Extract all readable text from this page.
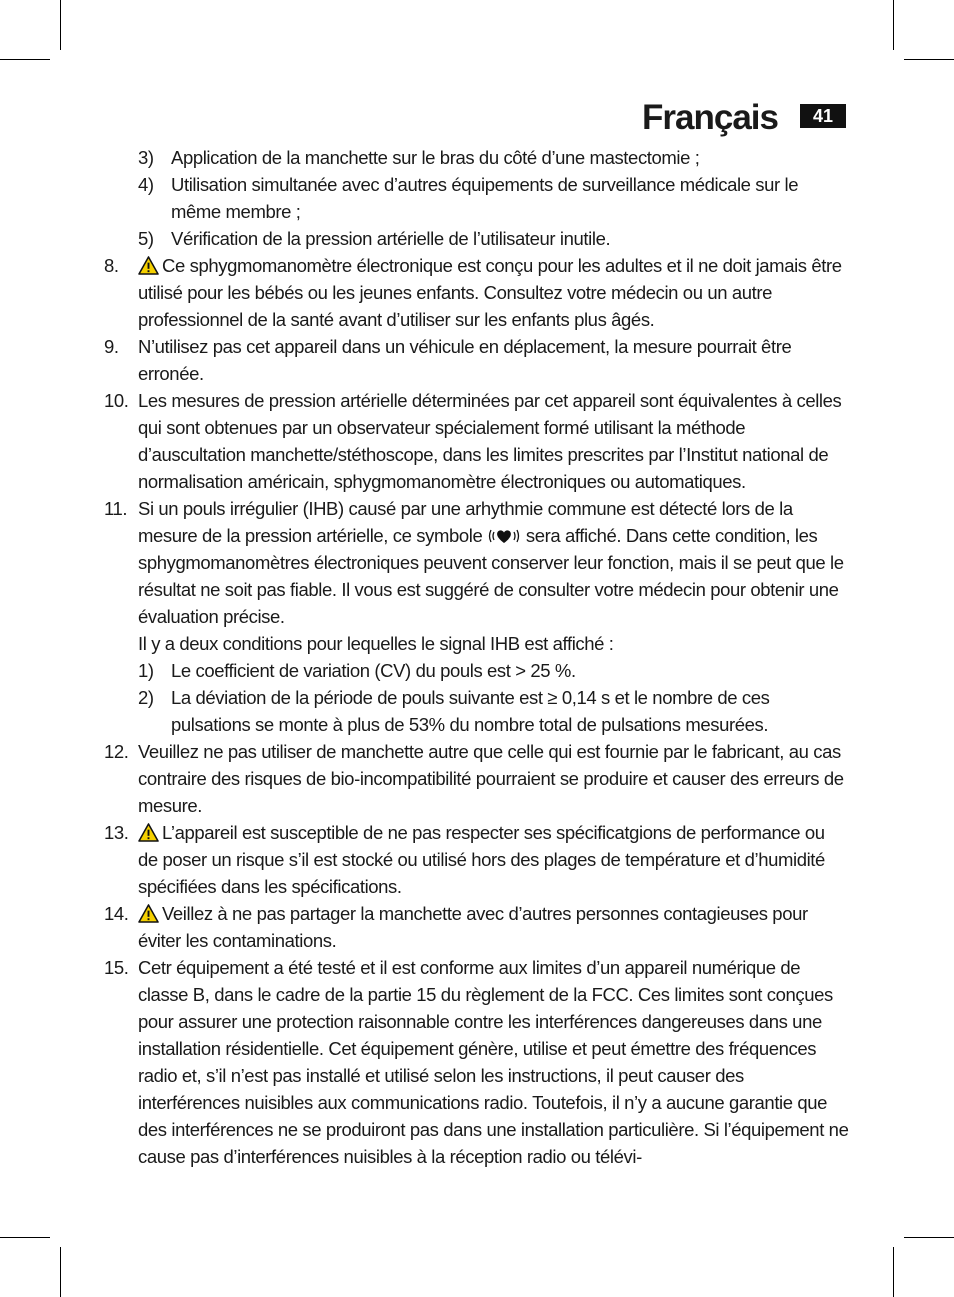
Français	41
3) Application de la manchette sur le bras du côté d’une mastectomie ;
4) Utilisation simultanée avec d’autres équipements de surveillance médicale sur le même membre ;
5) Vérification de la pression artérielle de l’utilisateur inutile.
8.	Ce sphygmomanomètre électronique est conçu pour les adultes et il ne doit jamais être utilisé pour les bébés ou les jeunes enfants. Consultez votre médecin ou un autre professionnel de la santé avant d’utiliser sur les enfants plus âgés.
9. N’utilisez pas cet appareil dans un véhicule en déplacement, la mesure pourrait être erronée.
10. Les mesures de pression artérielle déterminées par cet appareil sont équivalentes à celles qui sont obtenues par un observateur spécialement formé utilisant la méthode d’auscultation manchette/stéthoscope, dans les limites prescrites par l’Institut national de normalisation américain, sphygmomanomètre électroniques ou automatiques.
11. Si un pouls irrégulier (IHB) causé par une arhythmie commune est détecté lors de la mesure de la pression artérielle, ce symbole sera affiché. Dans cette condition, les sphygmomanomètres électroniques peuvent conserver leur fonction, mais il se peut que le résultat ne soit pas fiable. Il vous est suggéré de consulter votre médecin pour obtenir une évaluation précise.
Il y a deux conditions pour lequelles le signal IHB est affiché :
1) Le coefficient de variation (CV) du pouls est > 25 %.
2) La déviation de la période de pouls suivante est ≥ 0,14 s et le nombre de ces pulsations se monte à plus de 53% du nombre total de pulsations mesurées.
12. Veuillez ne pas utiliser de manchette autre que celle qui est fournie par le fabricant, au cas contraire des risques de bio-incompatibilité pourraient se produire et causer des erreurs de mesure.
13.	L’appareil est susceptible de ne pas respecter ses spécificatgions de performance ou de poser un risque s’il est stocké ou utilisé hors des plages de température et d’humidité spécifiées dans les spécifications.
14.	Veillez à ne pas partager la manchette avec d’autres personnes contagieuses pour éviter les contaminations.
15. Cetr équipement a été testé et il est conforme aux limites d’un appareil numérique de classe B, dans le cadre de la partie 15 du règlement de la FCC. Ces limites sont conçues pour assurer une protection raisonnable contre les interférences dangereuses dans une installation résidentielle. Cet équipement génère, utilise et peut émettre des fréquences radio et, s’il n’est pas installé et utilisé selon les instructions, il peut causer des interférences nuisibles aux communications radio. Toutefois, il n’y a aucune garantie que des interférences ne se produiront pas dans une installation particulière. Si l’équipement ne cause pas d’interférences nuisibles à la réception radio ou télévi-
